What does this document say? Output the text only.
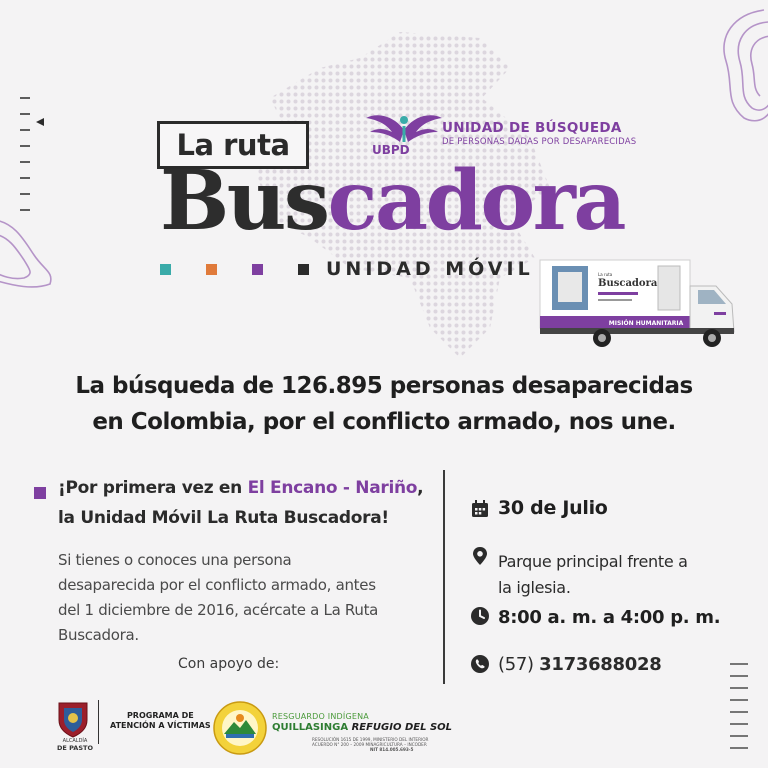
La ruta	UBPD
UNIDAD DE BÚSQUEDA
DE PERSONAS DADAS POR DESAPARECIDAS
Buscadora
UNIDAD MÓVIL
MISIÓN HUMANITARIA
La ruta
Buscadora
La búsqueda de 126.895 personas desaparecidas
en Colombia, por el conflicto armado, nos une.
¡Por primera vez en El Encano - Nariño,
la Unidad Móvil La Ruta Buscadora!
Si tienes o conoces una persona
desaparecida por el conflicto armado, antes
del 1 diciembre de 2016, acércate a La Ruta
Buscadora.
Con apoyo de:
30 de Julio
Parque principal frente a
la iglesia.
8:00 a. m. a 4:00 p. m.
(57) 3173688028
ALCALDÍA
DE PASTO
PROGRAMA DE
ATENCIÓN A VÍCTIMAS
RESGUARDO INDÍGENA
QUILLASINGA REFUGIO DEL SOL
RESOLUCIÓN 1615 DE 1999, MINISTERIO DEL INTERIOR
ACUERDO N° 200 – 2009 MINAGRICULTURA – INCODER
NIT 814.005.693-5
